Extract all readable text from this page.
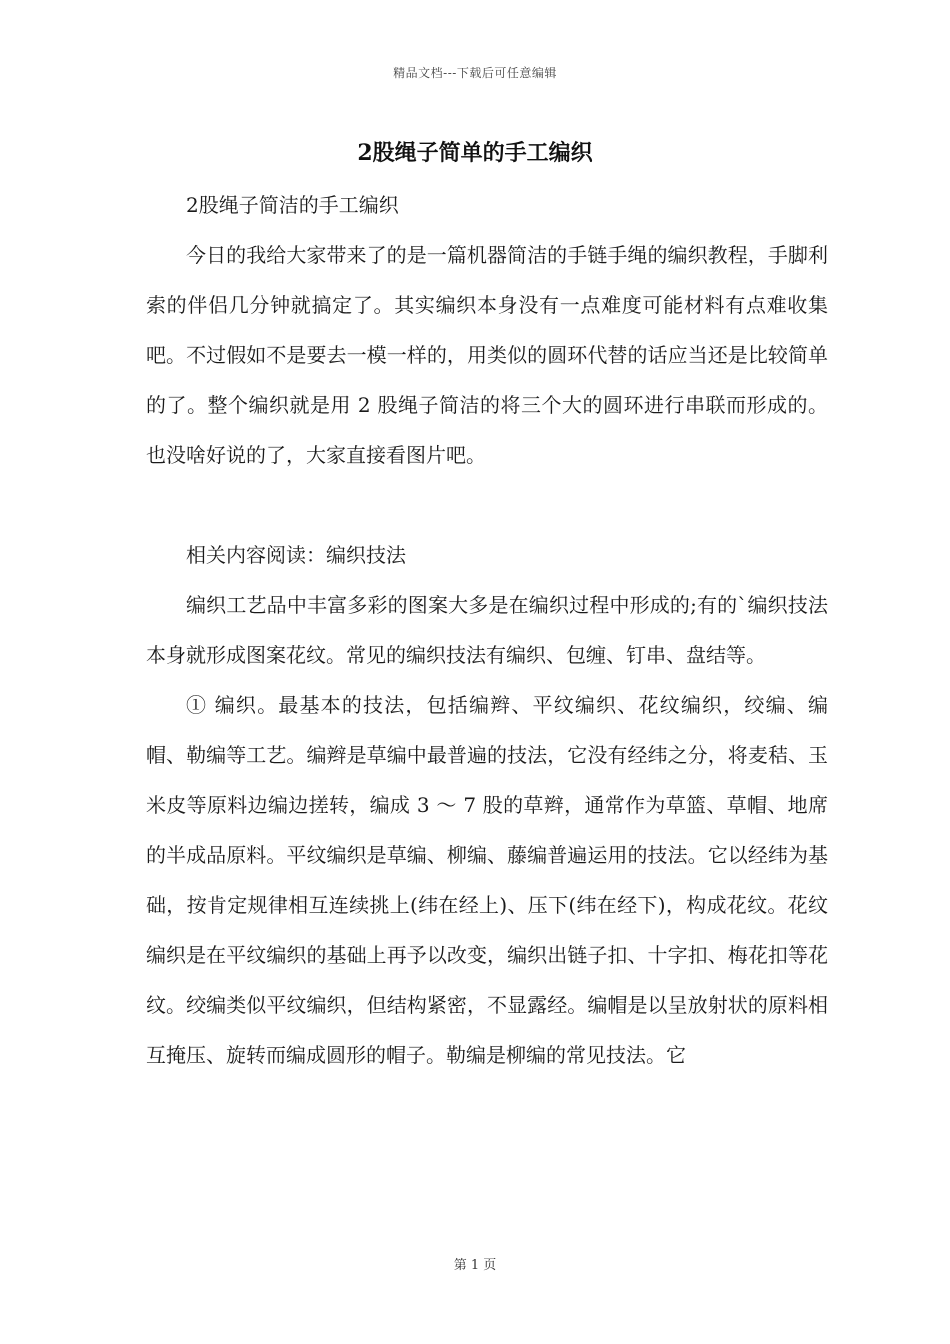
精品文档---下载后可任意编辑
2股绳子简单的手工编织

2股绳子简洁的手工编织

今日的我给大家带来了的是一篇机器简洁的手链手绳的编织教程，手脚利索的伴侣几分钟就搞定了。其实编织本身没有一点难度可能材料有点难收集吧。不过假如不是要去一模一样的，用类似的圆环代替的话应当还是比较简单的了。整个编织就是用 2 股绳子简洁的将三个大的圆环进行串联而形成的。也没啥好说的了，大家直接看图片吧。

相关内容阅读：编织技法

编织工艺品中丰富多彩的图案大多是在编织过程中形成的;有的`编织技法本身就形成图案花纹。常见的编织技法有编织、包缠、钉串、盘结等。

① 编织。最基本的技法，包括编辫、平纹编织、花纹编织，绞编、编帽、勒编等工艺。编辫是草编中最普遍的技法，它没有经纬之分，将麦秸、玉米皮等原料边编边搓转，编成 3 ～ 7 股的草辫，通常作为草篮、草帽、地席的半成品原料。平纹编织是草编、柳编、藤编普遍运用的技法。它以经纬为基础，按肯定规律相互连续挑上(纬在经上)、压下(纬在经下)，构成花纹。花纹编织是在平纹编织的基础上再予以改变，编织出链子扣、十字扣、梅花扣等花纹。绞编类似平纹编织，但结构紧密，不显露经。编帽是以呈放射状的原料相互掩压、旋转而编成圆形的帽子。勒编是柳编的常见技法。它

第 1 页
